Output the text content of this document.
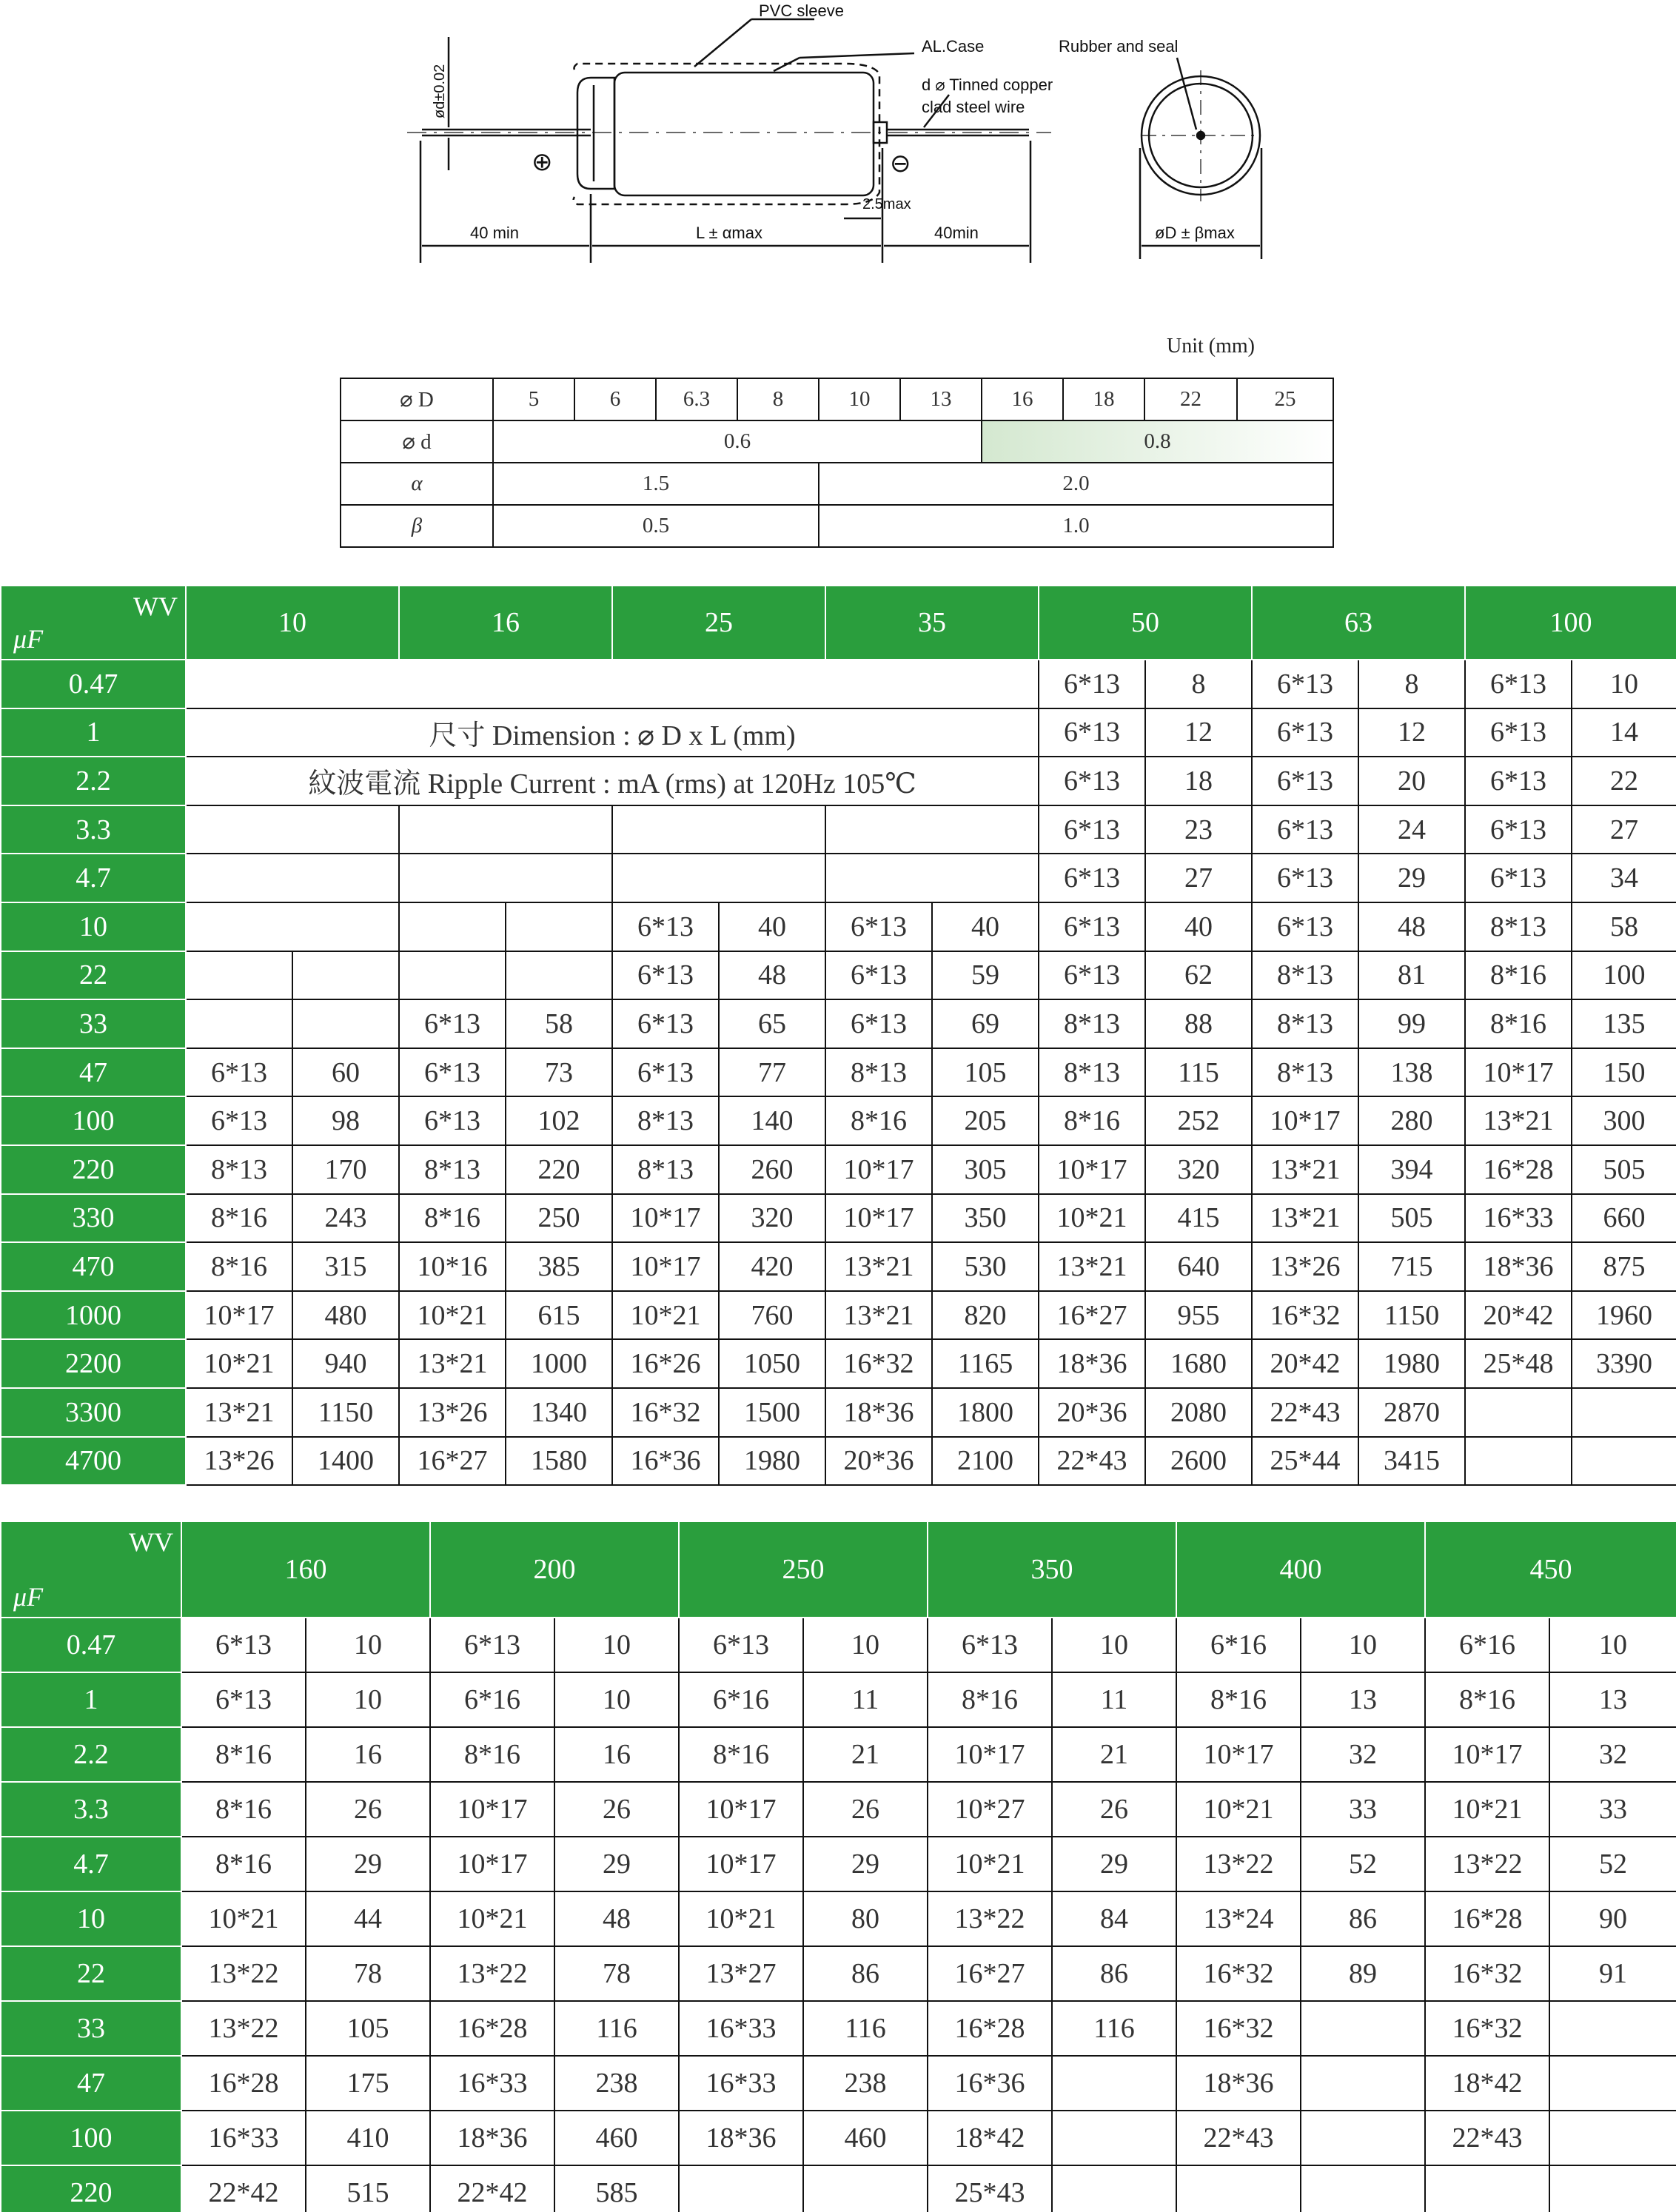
PVC sleeve
AL.Case
d ⌀ Tinned copper
clad steel wire
Rubber and seal
ød±0.02
40 min	L ± αmax	40min
2.5max
øD ± βmax
⊕	⊖
Unit (mm)
⌀ D	5	6	6.3	8	10	13	16	18	22	25
⌀ d	0.6						0.8			
α	1.5				2.0					
β	0.5				1.0					
WV
μF	10		16		25		35		50		63		100	
0.47									6*13	8	6*13	8	6*13	10
1	尺寸 Dimension : ⌀ D x L (mm)								6*13	12	6*13	12	6*13	14
2.2	紋波電流 Ripple Current : mA (rms) at 120Hz 105℃								6*13	18	6*13	20	6*13	22
3.3									6*13	23	6*13	24	6*13	27
4.7									6*13	27	6*13	29	6*13	34
10					6*13	40	6*13	40	6*13	40	6*13	48	8*13	58
22					6*13	48	6*13	59	6*13	62	8*13	81	8*16	100
33			6*13	58	6*13	65	6*13	69	8*13	88	8*13	99	8*16	135
47	6*13	60	6*13	73	6*13	77	8*13	105	8*13	115	8*13	138	10*17	150
100	6*13	98	6*13	102	8*13	140	8*16	205	8*16	252	10*17	280	13*21	300
220	8*13	170	8*13	220	8*13	260	10*17	305	10*17	320	13*21	394	16*28	505
330	8*16	243	8*16	250	10*17	320	10*17	350	10*21	415	13*21	505	16*33	660
470	8*16	315	10*16	385	10*17	420	13*21	530	13*21	640	13*26	715	18*36	875
1000	10*17	480	10*21	615	10*21	760	13*21	820	16*27	955	16*32	1150	20*42	1960
2200	10*21	940	13*21	1000	16*26	1050	16*32	1165	18*36	1680	20*42	1980	25*48	3390
3300	13*21	1150	13*26	1340	16*32	1500	18*36	1800	20*36	2080	22*43	2870		
4700	13*26	1400	16*27	1580	16*36	1980	20*36	2100	22*43	2600	25*44	3415		
WV
μF	160		200		250		350		400		450	
0.47	6*13	10	6*13	10	6*13	10	6*13	10	6*16	10	6*16	10
1	6*13	10	6*16	10	6*16	11	8*16	11	8*16	13	8*16	13
2.2	8*16	16	8*16	16	8*16	21	10*17	21	10*17	32	10*17	32
3.3	8*16	26	10*17	26	10*17	26	10*27	26	10*21	33	10*21	33
4.7	8*16	29	10*17	29	10*17	29	10*21	29	13*22	52	13*22	52
10	10*21	44	10*21	48	10*21	80	13*22	84	13*24	86	16*28	90
22	13*22	78	13*22	78	13*27	86	16*27	86	16*32	89	16*32	91
33	13*22	105	16*28	116	16*33	116	16*28	116	16*32		16*32	
47	16*28	175	16*33	238	16*33	238	16*36		18*36		18*42	
100	16*33	410	18*36	460	18*36	460	18*42		22*43		22*43	
220	22*42	515	22*42	585			25*43					
